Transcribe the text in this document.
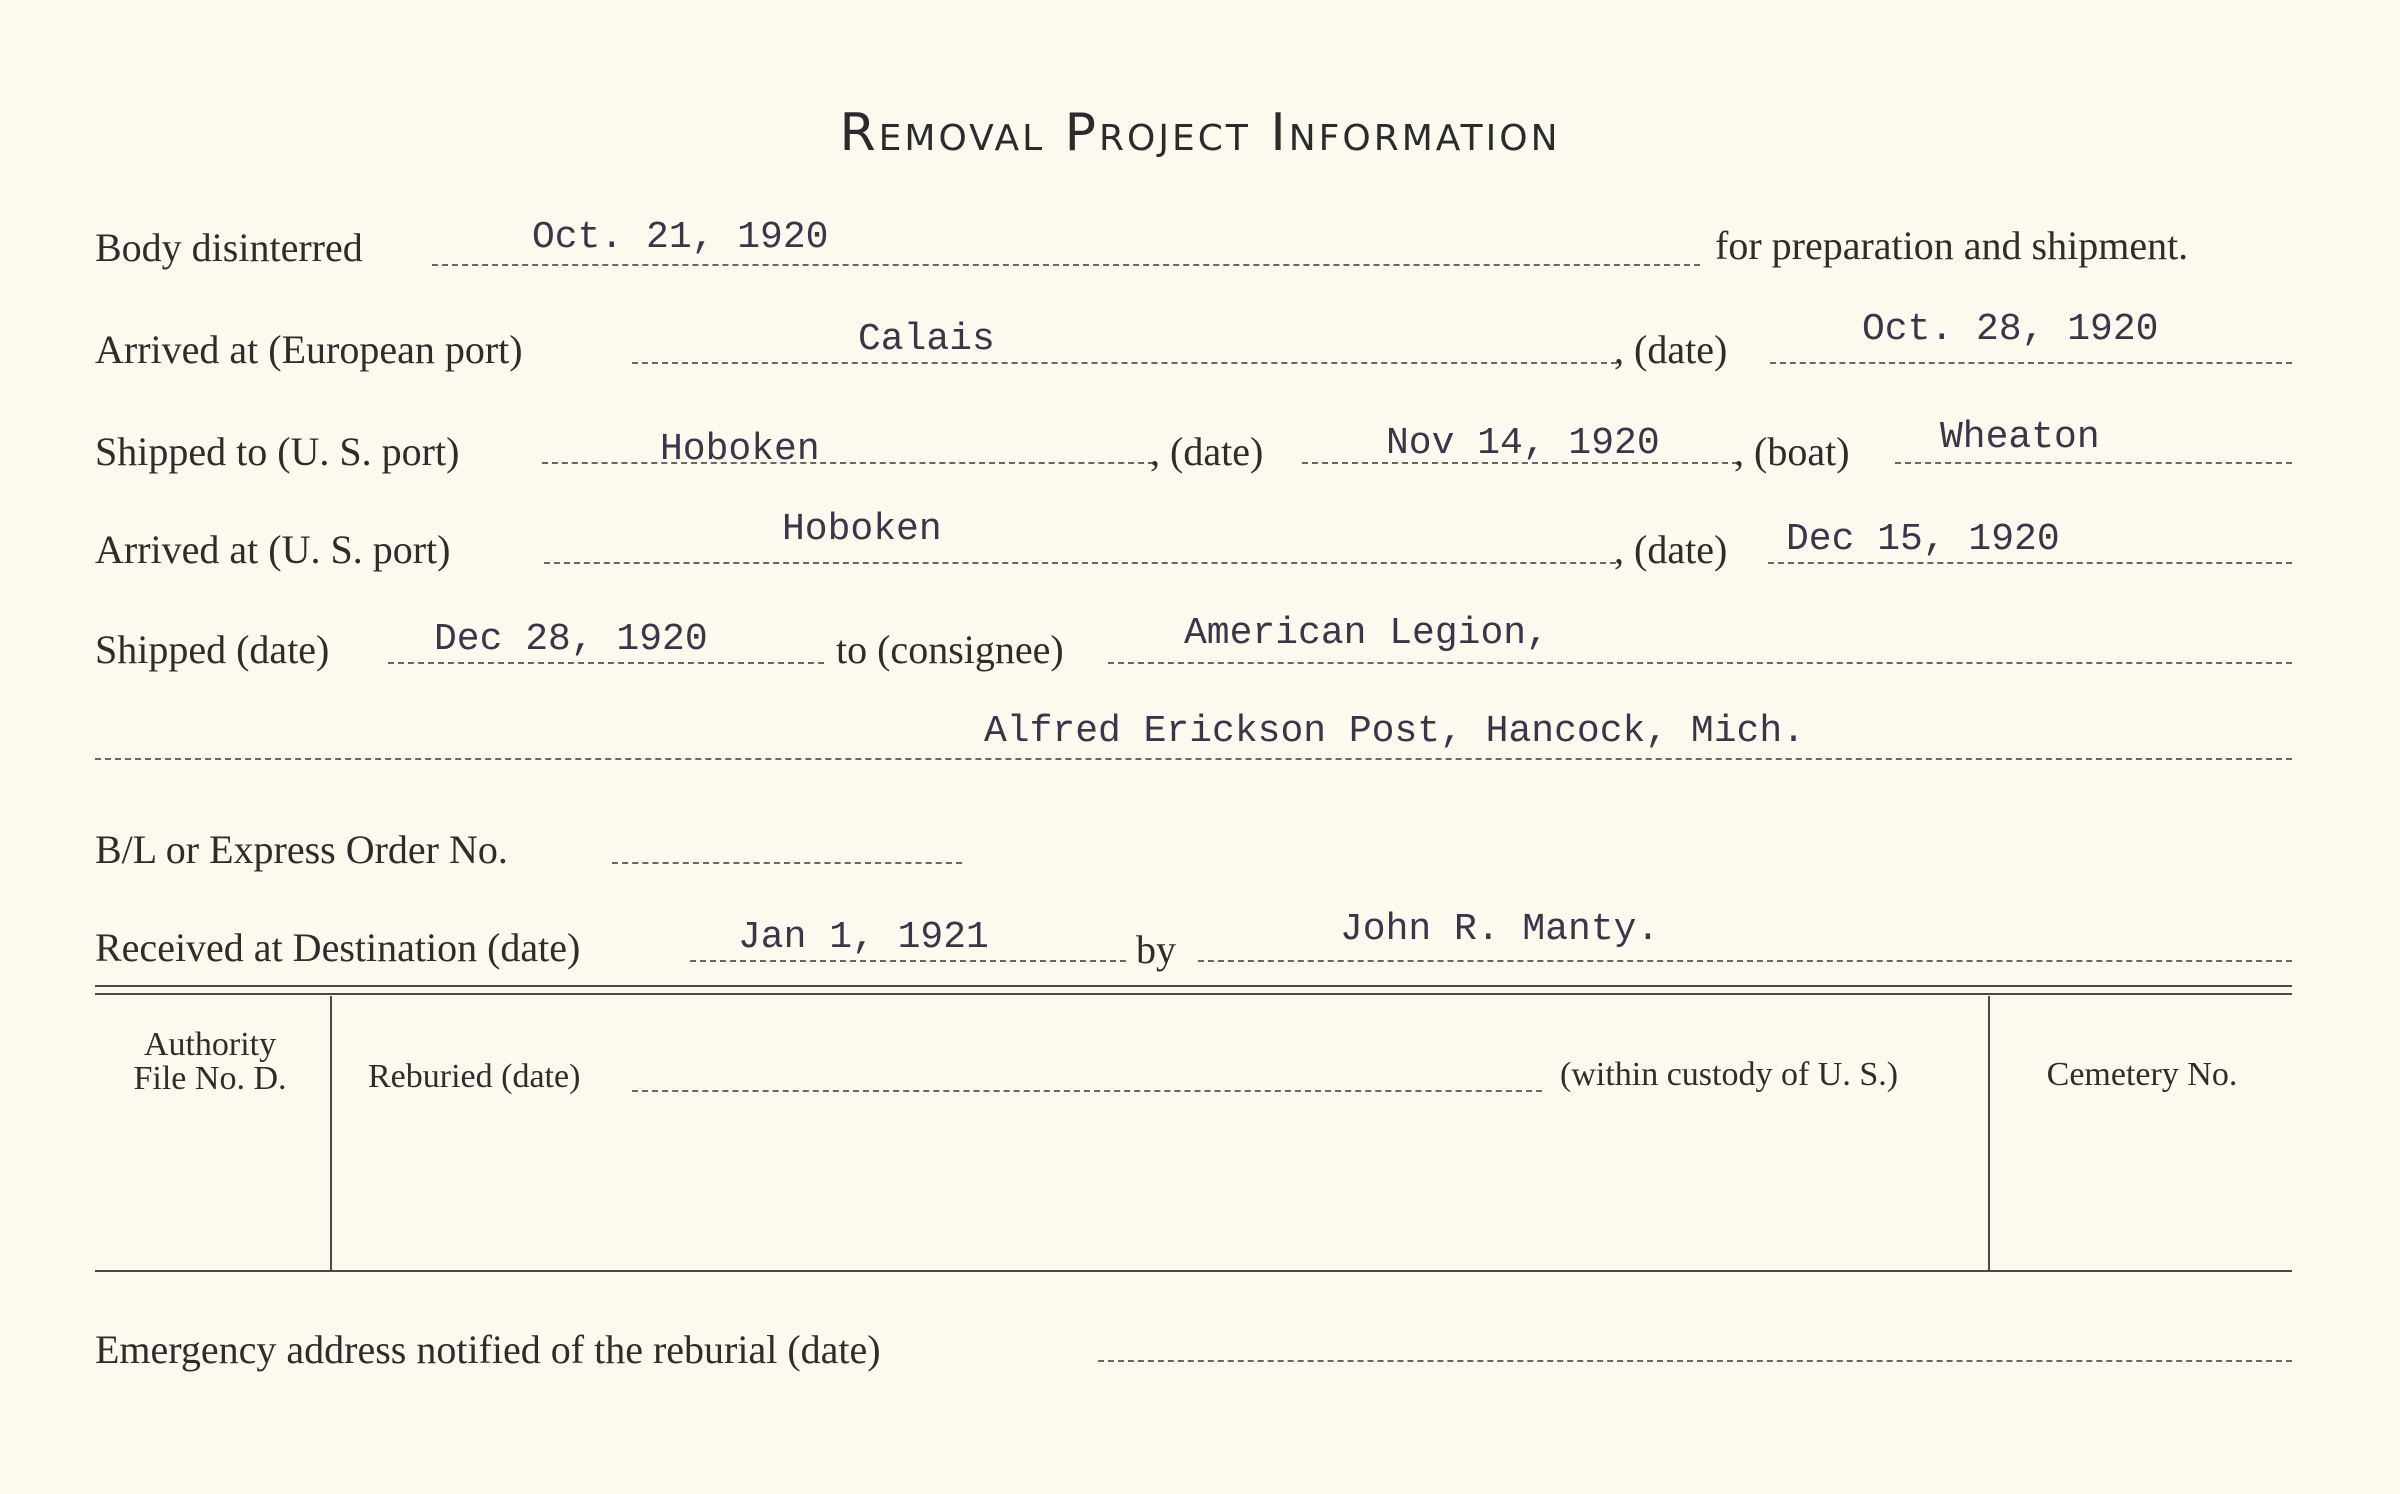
Removal Project Information
Body disinterred	Oct. 21, 1920	for preparation and shipment.
Arrived at (European port)	Calais	, (date)	Oct. 28, 1920
Shipped to (U. S. port)	Hoboken	, (date)	Nov 14, 1920 , (boat) Wheaton
Arrived at (U. S. port)	Hoboken	, (date) Dec 15, 1920
Shipped (date)	Dec 28, 1920	to (consignee)	American Legion,
Alfred Erickson Post, Hancock, Mich.
B/L or Express Order No.
Received at Destination (date)	Jan 1, 1921	by	John R. Manty.
Authority
File No. D.	Reburied (date)	(within custody of U. S.)	Cemetery No.
Emergency address notified of the reburial (date)
